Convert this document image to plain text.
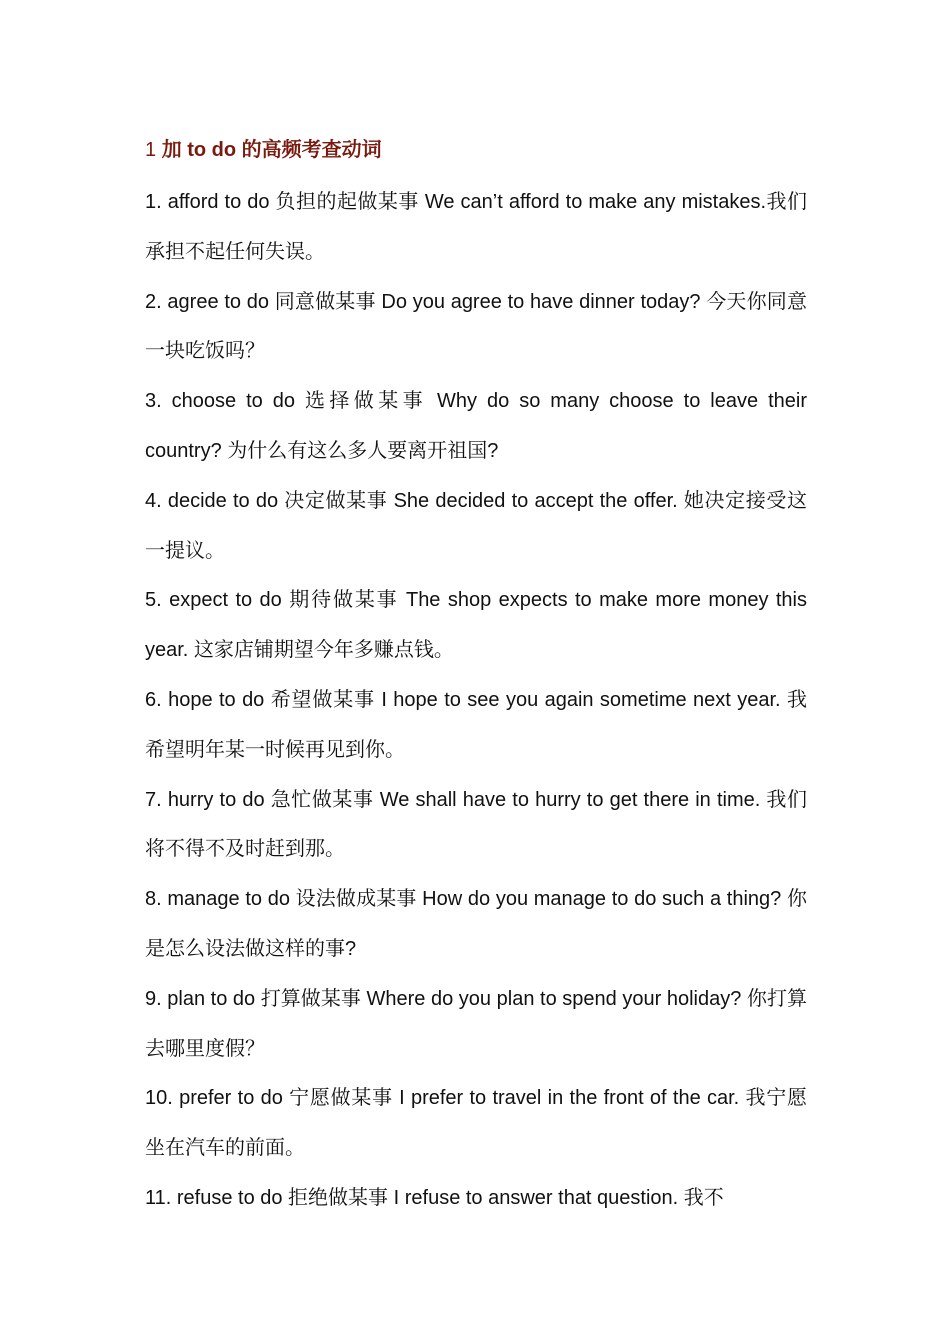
1 加 to do 的高频考查动词

1. afford to do 负担的起做某事 We can’t afford to make any mistakes.我们承担不起任何失误。

2. agree to do 同意做某事 Do you agree to have dinner today? 今天你同意一块吃饭吗？

3. choose to do 选择做某事 Why do so many choose to leave their country? 为什么有这么多人要离开祖国?

4. decide to do 决定做某事 She decided to accept the offer. 她决定接受这一提议。

5. expect to do 期待做某事 The shop expects to make more money this year. 这家店铺期望今年多赚点钱。

6. hope to do 希望做某事 I hope to see you again sometime next year. 我希望明年某一时候再见到你。

7. hurry to do 急忙做某事 We shall have to hurry to get there in time. 我们将不得不及时赶到那。

8. manage to do 设法做成某事 How do you manage to do such a thing? 你是怎么设法做这样的事?

9. plan to do 打算做某事 Where do you plan to spend your holiday? 你打算去哪里度假？

10. prefer to do 宁愿做某事 I prefer to travel in the front of the car. 我宁愿坐在汽车的前面。

11. refuse to do 拒绝做某事 I refuse to answer that question. 我不
